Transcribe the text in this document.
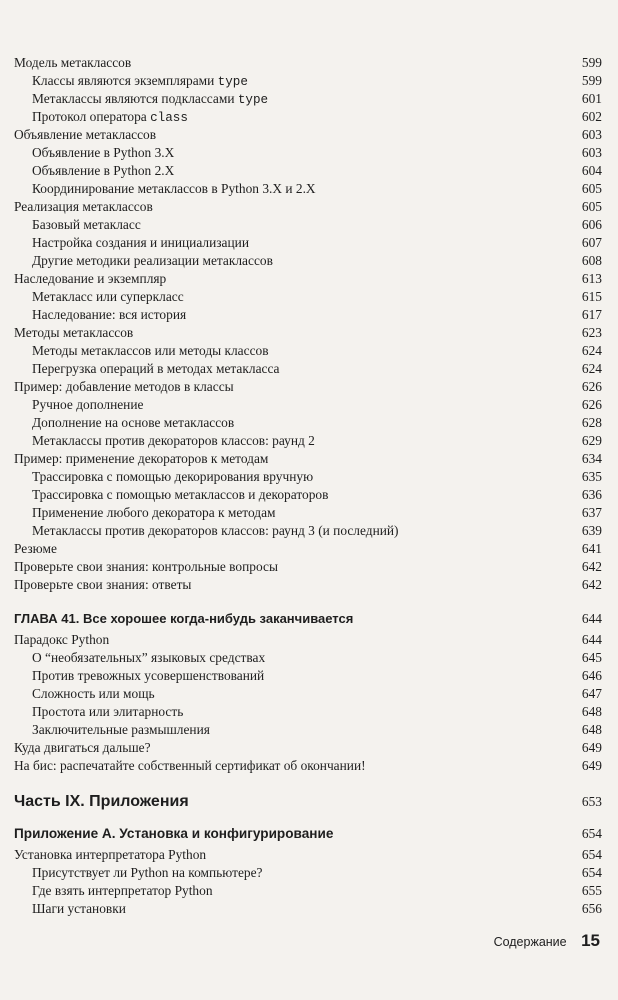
Модель метаклассов	599
Классы являются экземплярами type	599
Метаклассы являются подклассами type	601
Протокол оператора class	602
Объявление метаклассов	603
Объявление в Python 3.X	603
Объявление в Python 2.X	604
Координирование метаклассов в Python 3.X и 2.X	605
Реализация метаклассов	605
Базовый метакласс	606
Настройка создания и инициализации	607
Другие методики реализации метаклассов	608
Наследование и экземпляр	613
Метакласс или суперкласс	615
Наследование: вся история	617
Методы метаклассов	623
Методы метаклассов или методы классов	624
Перегрузка операций в методах метакласса	624
Пример: добавление методов в классы	626
Ручное дополнение	626
Дополнение на основе метаклассов	628
Метаклассы против декораторов классов: раунд 2	629
Пример: применение декораторов к методам	634
Трассировка с помощью декорирования вручную	635
Трассировка с помощью метаклассов и декораторов	636
Применение любого декоратора к методам	637
Метаклассы против декораторов классов: раунд 3 (и последний)	639
Резюме	641
Проверьте свои знания: контрольные вопросы	642
Проверьте свои знания: ответы	642
ГЛАВА 41. Все хорошее когда-нибудь заканчивается	644
Парадокс Python	644
О “необязательных” языковых средствах	645
Против тревожных усовершенствований	646
Сложность или мощь	647
Простота или элитарность	648
Заключительные размышления	648
Куда двигаться дальше?	649
На бис: распечатайте собственный сертификат об окончании!	649
Часть IX. Приложения	653
Приложение А. Установка и конфигурирование	654
Установка интерпретатора Python	654
Присутствует ли Python на компьютере?	654
Где взять интерпретатор Python	655
Шаги установки	656
Содержание 15
